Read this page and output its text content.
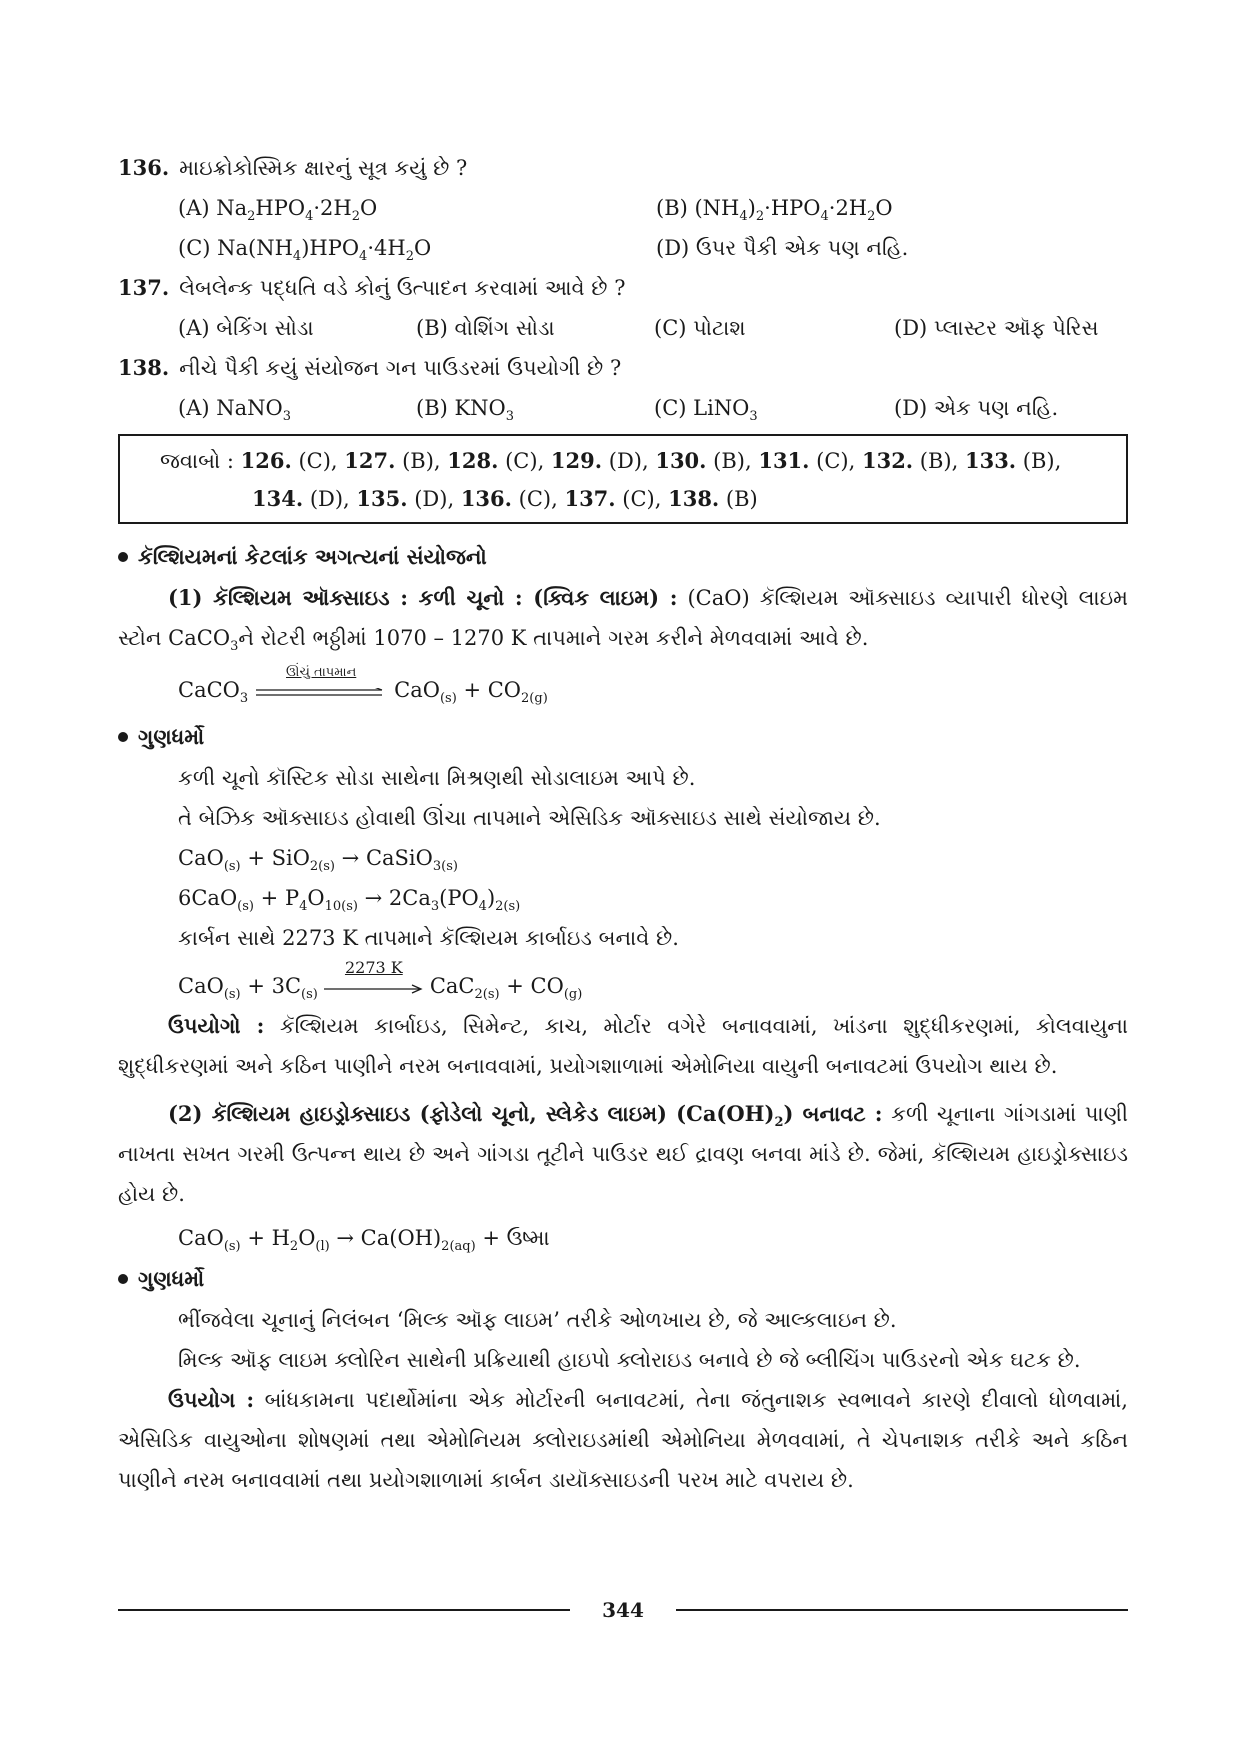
136. માઇક્રોકોસ્મિક ક્ષારનું સૂત્ર કયું છે ?
(A) $Na_2HPO_4\cdot 2H_2O$	(B) $(NH_4)_2\cdot HPO_4\cdot 2H_2O$
(C) $Na(NH_4)HPO_4\cdot 4H_2O$	(D) ઉપર પૈકી એક પણ નહિ.
137. લેબલેન્ક પદ્ધતિ વડે કોનું ઉત્પાદન કરવામાં આવે છે ?
(A) બેકિંગ સોડા	(B) વોશિંગ સોડા	(C) પોટાશ	(D) પ્લાસ્ટર ઑફ પેરિસ
138. નીચે પૈકી કયું સંયોજન ગન પાઉડરમાં ઉપયોગી છે ?
(A) NaNO$_3$	(B) $KNO_3$	(C) LiNO$_3$	(D) એક પણ નહિ.
જવાબો : 126. (C), 127. (B), 128. (C), 129. (D), 130. (B), 131. (C), 132. (B), 133. (B),
134. (D), 135. (D), 136. (C), 137. (C), 138. (B)
કૅલ્શિયમનાં કેટલાંક અગત્યનાં સંયોજનો
(1) કૅલ્શિયમ ઑક્સાઇડ : કળી ચૂનો : (ક્વિક લાઇમ) : (CaO) કૅલ્શિયમ ઑક્સાઇડ વ્યાપારી ધોરણે લાઇમ સ્ટોન CaCO$_3$ને રોટરી ભઠ્ઠીમાં 1070 – 1270 K તાપમાને ગરમ કરીને મેળવવામાં આવે છે.
CaCO$_3$
ઊંચું તાપમાન
$CaO_{(s)} + CO_{2(g)}$
ગુણધર્મો
કળી ચૂનો કૉસ્ટિક સોડા સાથેના મિશ્રણથી સોડાલાઇમ આપે છે.
તે બેઝિક ઑક્સાઇડ હોવાથી ઊંચા તાપમાને એસિડિક ઑક્સાઇડ સાથે સંયોજાય છે.
CaO$_{(s)}$ + SiO$_{2(s)}$ → CaSiO$_{3(s)}$
$6CaO_{(s)} + P_4O_{10(s)} \to 2Ca_3(PO_4)_{2(s)}$
કાર્બન સાથે 2273 K તાપમાને કૅલ્શિયમ કાર્બાઇડ બનાવે છે.
$CaO_{(s)} + 3C_{(s)}$
2273 K
$CaC_{2(s)} + CO_{(g)}$
ઉપયોગો : કૅલ્શિયમ કાર્બાઇડ, સિમેન્ટ, કાચ, મોર્ટાર વગેરે બનાવવામાં, ખાંડના શુદ્ધીકરણમાં, કોલવાયુના શુદ્ધીકરણમાં અને કઠિન પાણીને નરમ બનાવવામાં, પ્રયોગશાળામાં એમોનિયા વાયુની બનાવટમાં ઉપયોગ થાય છે.
(2) કૅલ્શિયમ હાઇડ્રોક્સાઇડ (ફોડેલો ચૂનો, સ્લેકેડ લાઇમ) $(Ca(OH)_2)$ બનાવટ : કળી ચૂનાના ગાંગડામાં પાણી નાખતા સખત ગરમી ઉત્પન્ન થાય છે અને ગાંગડા તૂટીને પાઉડર થઈ દ્રાવણ બનવા માંડે છે. જેમાં, કૅલ્શિયમ હાઇડ્રોક્સાઇડ હોય છે.
$CaO_{(s)} + H_2O_{(l)} \to Ca(OH)_{2(aq)}$ + ઉષ્મા
ગુણધર્મો
ભીંજવેલા ચૂનાનું નિલંબન ‘મિલ્ક ઑફ લાઇમ’ તરીકે ઓળખાય છે, જે આલ્કલાઇન છે.
મિલ્ક ઑફ લાઇમ ક્લોરિન સાથેની પ્રક્રિયાથી હાઇપો ક્લોરાઇડ બનાવે છે જે બ્લીચિંગ પાઉડરનો એક ઘટક છે.
ઉપયોગ : બાંધકામના પદાર્થોમાંના એક મોર્ટારની બનાવટમાં, તેના જંતુનાશક સ્વભાવને કારણે દીવાલો ધોળવામાં, એસિડિક વાયુઓના શોષણમાં તથા એમોનિયમ ક્લોરાઇડમાંથી એમોનિયા મેળવવામાં, તે ચેપનાશક તરીકે અને કઠિન પાણીને નરમ બનાવવામાં તથા પ્રયોગશાળામાં કાર્બન ડાયૉક્સાઇડની પરખ માટે વપરાય છે.
344
